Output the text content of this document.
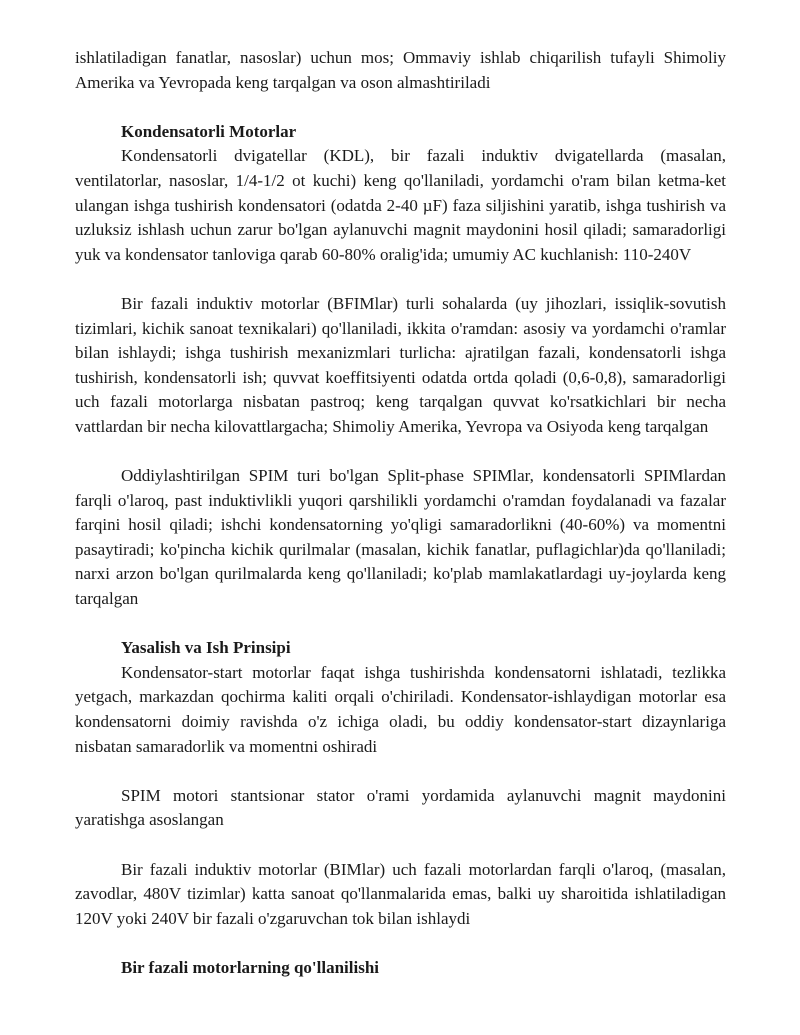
ishlatiladigan fanatlar, nasoslar) uchun mos; Ommaviy ishlab chiqarilish tufayli Shimoliy Amerika va Yevropada keng tarqalgan va oson almashtiriladi

Kondensatorli Motorlar

Kondensatorli dvigatellar (KDL), bir fazali induktiv dvigatellarda (masalan, ventilatorlar, nasoslar, 1/4-1/2 ot kuchi) keng qo'llaniladi, yordamchi o'ram bilan ketma-ket ulangan ishga tushirish kondensatori (odatda 2-40 µF) faza siljishini yaratib, ishga tushirish va uzluksiz ishlash uchun zarur bo'lgan aylanuvchi magnit maydonini hosil qiladi; samaradorligi yuk va kondensator tanloviga qarab 60-80% oralig'ida; umumiy AC kuchlanish: 110-240V

Bir fazali induktiv motorlar (BFIMlar) turli sohalarda (uy jihozlari, issiqlik-sovutish tizimlari, kichik sanoat texnikalari) qo'llaniladi, ikkita o'ramdan: asosiy va yordamchi o'ramlar bilan ishlaydi; ishga tushirish mexanizmlari turlicha: ajratilgan fazali, kondensatorli ishga tushirish, kondensatorli ish; quvvat koeffitsiyenti odatda ortda qoladi (0,6-0,8), samaradorligi uch fazali motorlarga nisbatan pastroq; keng tarqalgan quvvat ko'rsatkichlari bir necha vattlardan bir necha kilovattlargacha; Shimoliy Amerika, Yevropa va Osiyoda keng tarqalgan

Oddiylashtirilgan SPIM turi bo'lgan Split-phase SPIMlar, kondensatorli SPIMlardan farqli o'laroq, past induktivlikli yuqori qarshilikli yordamchi o'ramdan foydalanadi va fazalar farqini hosil qiladi; ishchi kondensatorning yo'qligi samaradorlikni (40-60%) va momentni pasaytiradi; ko'pincha kichik qurilmalar (masalan, kichik fanatlar, puflagichlar)da qo'llaniladi; narxi arzon bo'lgan qurilmalarda keng qo'llaniladi; ko'plab mamlakatlardagi uy-joylarda keng tarqalgan

Yasalish va Ish Prinsipi

Kondensator-start motorlar faqat ishga tushirishda kondensatorni ishlatadi, tezlikka yetgach, markazdan qochirma kaliti orqali o'chiriladi. Kondensator-ishlaydigan motorlar esa kondensatorni doimiy ravishda o'z ichiga oladi, bu oddiy kondensator-start dizaynlariga nisbatan samaradorlik va momentni oshiradi

SPIM motori stantsionar stator o'rami yordamida aylanuvchi magnit maydonini yaratishga asoslangan

Bir fazali induktiv motorlar (BIMlar) uch fazali motorlardan farqli o'laroq, (masalan, zavodlar, 480V tizimlar) katta sanoat qo'llanmalarida emas, balki uy sharoitida ishlatiladigan 120V yoki 240V bir fazali o'zgaruvchan tok bilan ishlaydi

Bir fazali motorlarning qo'llanilishi
